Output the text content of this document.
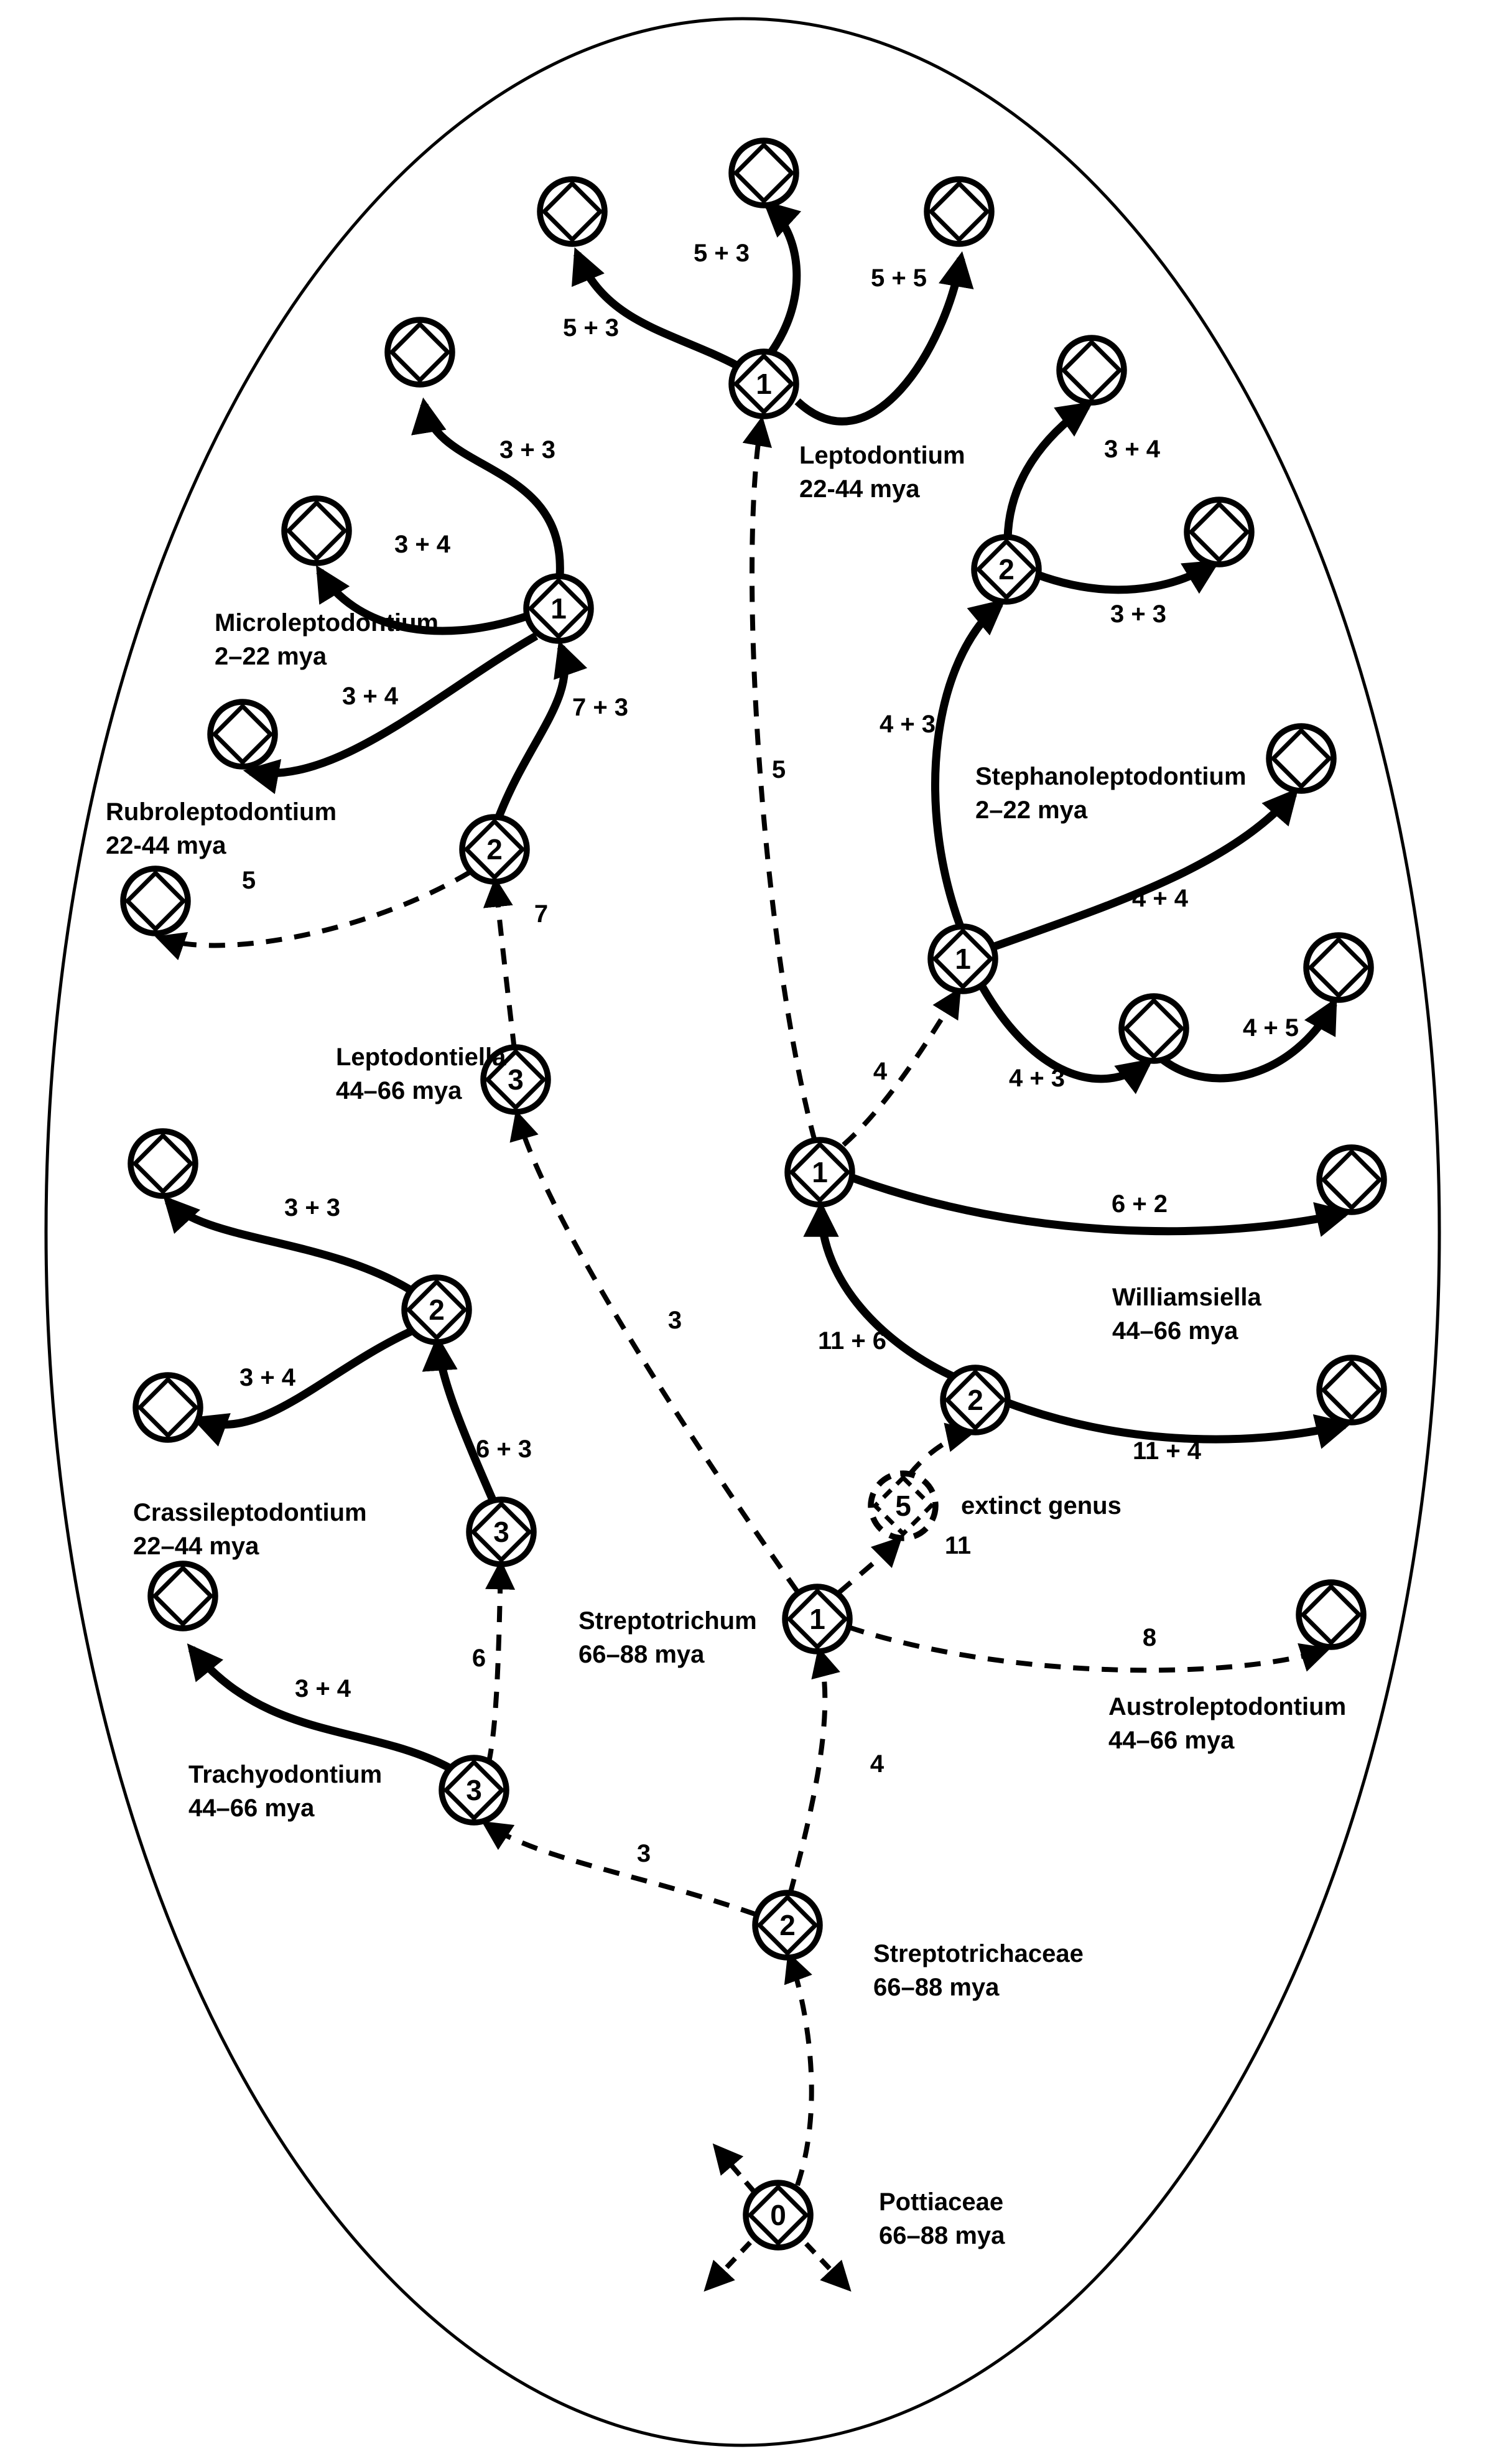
5 + 3
5 + 3
5 + 5
3 + 3
3 + 4
3 + 4	7 + 3
3 + 4
3 + 3
4 + 3
4 + 4
4 + 3
4 + 5
3 + 3
3 + 4
6 + 3
3 + 4
6 + 2
11 + 6
11 + 4
5
4
3
7
5
11
8
4
3
6
1
1
2
3
2
1
1
2
5
1
2
3
3
2
0
Leptodontium 22-44 mya
Microleptodontium 2–22 mya
Rubroleptodontium 22-44 mya
Leptodontiella 44–66 mya
Stephanoleptodontium 2–22 mya
Williamsiella 44–66 mya
Crassileptodontium 22–44 mya
Trachyodontium 44–66 mya
Streptotrichum 66–88 mya
Austroleptodontium 44–66 mya
Streptotrichaceae 66–88 mya
Pottiaceae 66–88 mya
extinct genus
